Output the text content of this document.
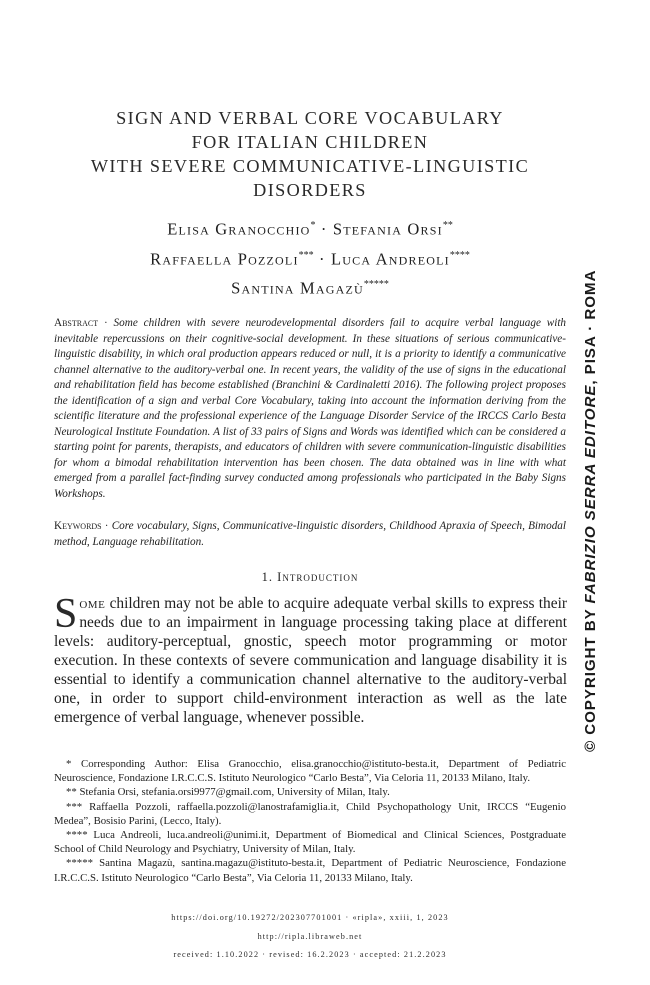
SIGN AND VERBAL CORE VOCABULARY
FOR ITALIAN CHILDREN
WITH SEVERE COMMUNICATIVE-LINGUISTIC
DISORDERS
Elisa Granocchio* · Stefania Orsi**
Raffaella Pozzoli*** · Luca Andreoli****
Santina Magazù*****
Abstract · Some children with severe neurodevelopmental disorders fail to acquire verbal language with inevitable repercussions on their cognitive-social development. In these situations of serious communicative-linguistic disability, in which oral production appears reduced or null, it is a priority to identify a communicative channel alternative to the auditory-verbal one. In recent years, the validity of the use of signs in the educational and rehabilitation field has become established (Branchini & Cardinaletti 2016). The following project proposes the identification of a sign and verbal Core Vocabulary, taking into account the information deriving from the scientific literature and the professional experience of the Language Disorder Service of the IRCCS Carlo Besta Neurological Institute Foundation. A list of 33 pairs of Signs and Words was identified which can be considered a starting point for parents, therapists, and educators of children with severe communication-linguistic disabilities for whom a bimodal rehabilitation intervention has been chosen. The data obtained was in line with what emerged from a parallel fact-finding survey conducted among professionals who participated in the Baby Signs Workshops.
Keywords · Core vocabulary, Signs, Communicative-linguistic disorders, Childhood Apraxia of Speech, Bimodal method, Language rehabilitation.
1. Introduction
Some children may not be able to acquire adequate verbal skills to express their needs due to an impairment in language processing taking place at different levels: auditory-perceptual, gnostic, speech motor programming or motor execution. In these contexts of severe communication and language disability it is essential to identify a communication channel alternative to the auditory-verbal one, in order to support child-environment interaction as well as the late emergence of verbal language, whenever possible.

* Corresponding Author: Elisa Granocchio, elisa.granocchio@istituto-besta.it, Department of Pediatric Neuroscience, Fondazione I.R.C.C.S. Istituto Neurologico “Carlo Besta”, Via Celoria 11, 20133 Milano, Italy.

** Stefania Orsi, stefania.orsi9977@gmail.com, University of Milan, Italy.

*** Raffaella Pozzoli, raffaella.pozzoli@lanostrafamiglia.it, Child Psychopathology Unit, IRCCS “Eugenio Medea”, Bosisio Parini, (Lecco, Italy).

**** Luca Andreoli, luca.andreoli@unimi.it, Department of Biomedical and Clinical Sciences, Postgraduate School of Child Neurology and Psychiatry, University of Milan, Italy.

***** Santina Magazù, santina.magazu@istituto-besta.it, Department of Pediatric Neuroscience, Fondazione I.R.C.C.S. Istituto Neurologico “Carlo Besta”, Via Celoria 11, 20133 Milano, Italy.

https://doi.org/10.19272/202307701001 · «ripla», xxiii, 1, 2023
http://ripla.libraweb.net
received: 1.10.2022 · revised: 16.2.2023 · accepted: 21.2.2023
© COPYRIGHT BY FABRIZIO SERRA EDITORE, PISA · ROMA
